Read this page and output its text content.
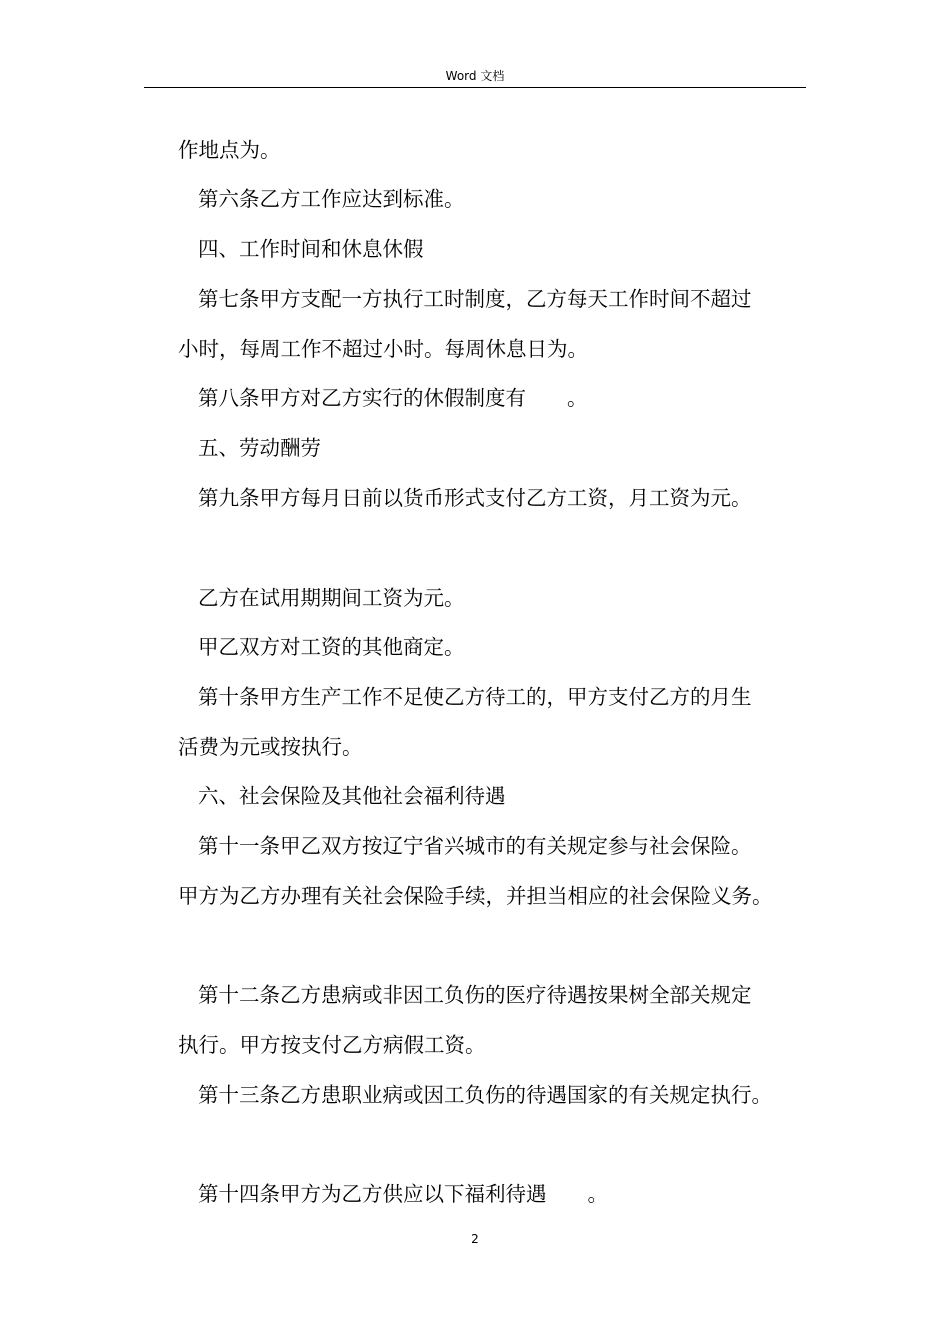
Word 文档
作地点为。
第六条乙方工作应达到标准。
四、工作时间和休息休假
第七条甲方支配一方执行工时制度，乙方每天工作时间不超过
小时，每周工作不超过小时。每周休息日为。
第八条甲方对乙方实行的休假制度有　　。
五、劳动酬劳
第九条甲方每月日前以货币形式支付乙方工资，月工资为元。
乙方在试用期期间工资为元。
甲乙双方对工资的其他商定。
第十条甲方生产工作不足使乙方待工的，甲方支付乙方的月生
活费为元或按执行。
六、社会保险及其他社会福利待遇
第十一条甲乙双方按辽宁省兴城市的有关规定参与社会保险。
甲方为乙方办理有关社会保险手续，并担当相应的社会保险义务。
第十二条乙方患病或非因工负伤的医疗待遇按果树全部关规定
执行。甲方按支付乙方病假工资。
第十三条乙方患职业病或因工负伤的待遇国家的有关规定执行。
第十四条甲方为乙方供应以下福利待遇　　。
2
